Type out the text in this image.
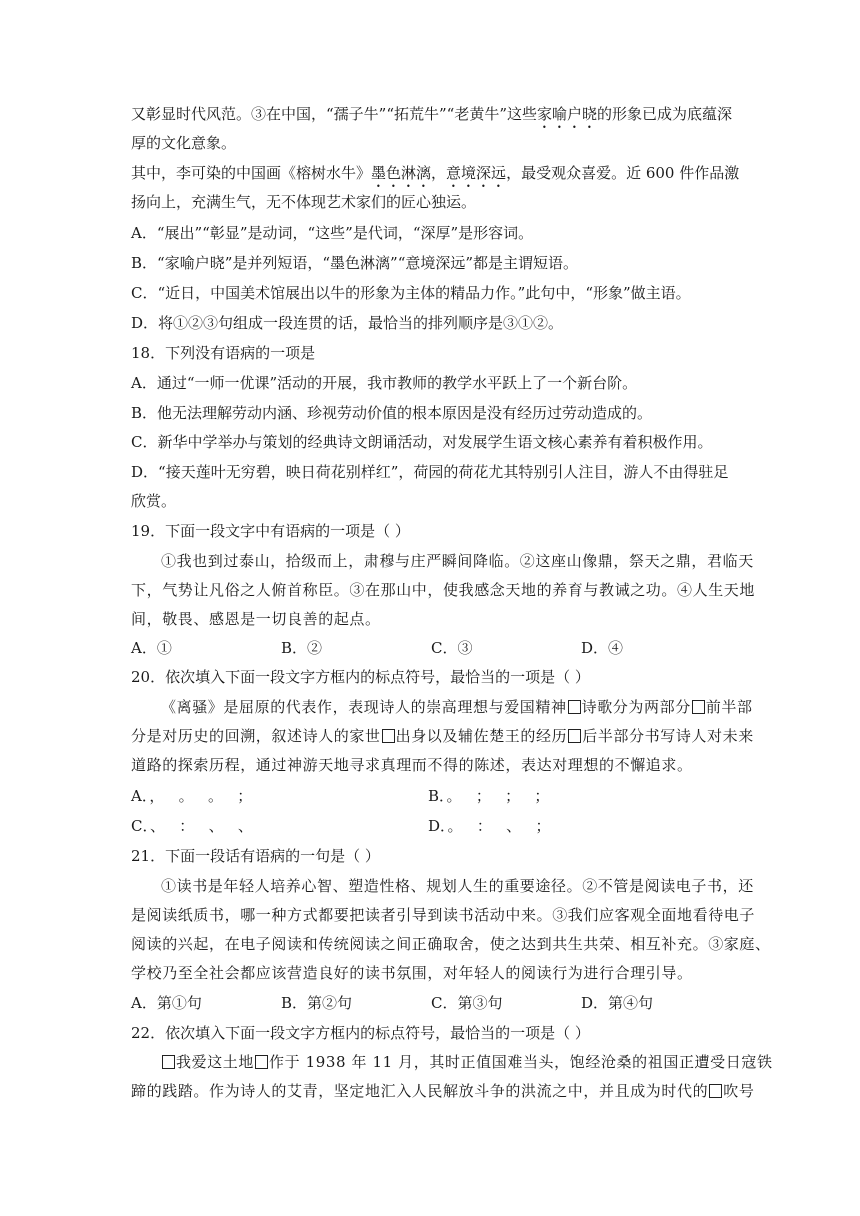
又彰显时代风范。③在中国，“孺子牛”“拓荒牛”“老黄牛”这些家喻户晓的形象已成为底蕴深
厚的文化意象。
其中，李可染的中国画《榕树水牛》墨色淋漓，意境深远，最受观众喜爱。近 600 件作品激
扬向上，充满生气，无不体现艺术家们的匠心独运。
A．“展出”“彰显”是动词，“这些”是代词，“深厚”是形容词。
B．“家喻户晓”是并列短语，“墨色淋漓”“意境深远”都是主谓短语。
C．“近日，中国美术馆展出以牛的形象为主体的精品力作。”此句中，“形象”做主语。
D．将①②③句组成一段连贯的话，最恰当的排列顺序是③①②。
18．下列没有语病的一项是
A．通过“一师一优课”活动的开展，我市教师的教学水平跃上了一个新台阶。
B．他无法理解劳动内涵、珍视劳动价值的根本原因是没有经历过劳动造成的。
C．新华中学举办与策划的经典诗文朗诵活动，对发展学生语文核心素养有着积极作用。
D．“接天莲叶无穷碧，映日荷花别样红”，荷园的荷花尤其特别引人注目，游人不由得驻足
欣赏。
19．下面一段文字中有语病的一项是（ ）
①我也到过泰山，拾级而上，肃穆与庄严瞬间降临。②这座山像鼎，祭天之鼎，君临天
下，气势让凡俗之人俯首称臣。③在那山中，使我感念天地的养育与教诫之功。④人生天地
间，敬畏、感恩是一切良善的起点。
A．①	B．②	C．③	D．④
20．依次填入下面一段文字方框内的标点符号，最恰当的一项是（ ）
《离骚》是屈原的代表作，表现诗人的崇高理想与爱国精神 诗歌分为两部分 前半部
分是对历史的回溯，叙述诗人的家世 出身以及辅佐楚王的经历 后半部分书写诗人对未来
道路的探索历程，通过神游天地寻求真理而不得的陈述，表达对理想的不懈追求。
A．，   。   。   ；	B．。   ；   ；   ；
C．、   ：   、   、	D．。   ：   、   ；
21．下面一段话有语病的一句是（ ）
①读书是年轻人培养心智、塑造性格、规划人生的重要途径。②不管是阅读电子书，还
是阅读纸质书，哪一种方式都要把读者引导到读书活动中来。③我们应客观全面地看待电子
阅读的兴起，在电子阅读和传统阅读之间正确取舍，使之达到共生共荣、相互补充。③家庭、
学校乃至全社会都应该营造良好的读书氛围，对年轻人的阅读行为进行合理引导。
A．第①句	B．第②句	C．第③句	D．第④句
22．依次填入下面一段文字方框内的标点符号，最恰当的一项是（ ）
我爱这土地 作于 1938 年 11 月，其时正值国难当头，饱经沧桑的祖国正遭受日寇铁
蹄的践踏。作为诗人的艾青，坚定地汇入人民解放斗争的洪流之中，并且成为时代的 吹号
